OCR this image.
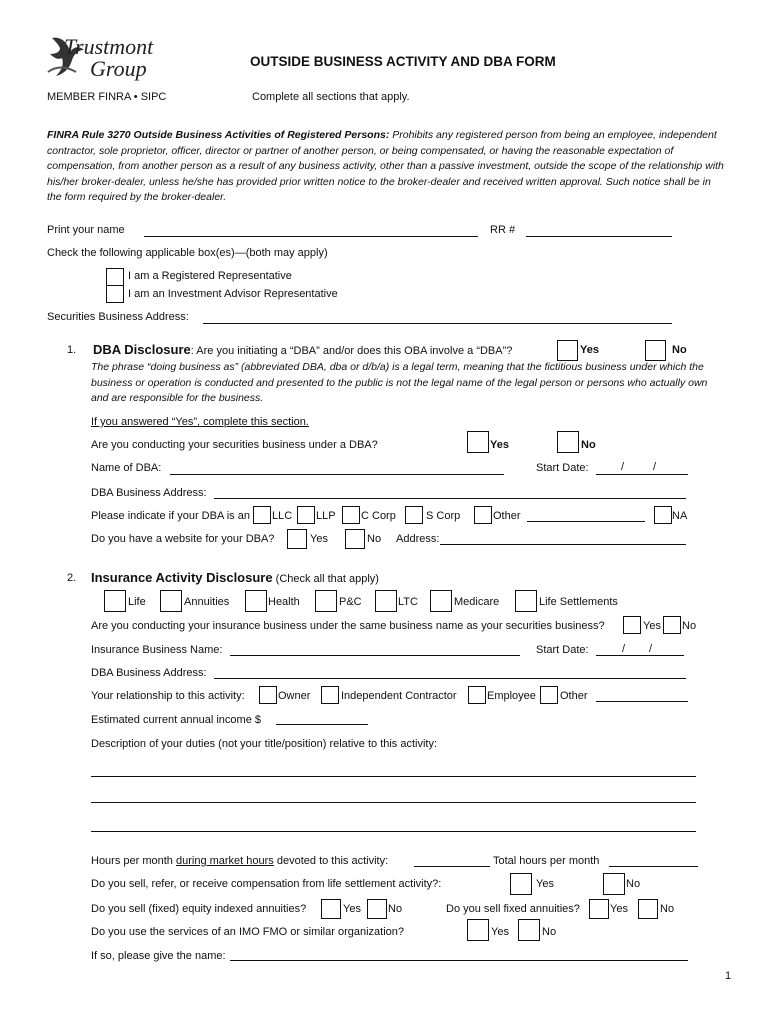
Trustmont
Group	OUTSIDE BUSINESS ACTIVITY AND DBA FORM
MEMBER FINRA • SIPC	Complete all sections that apply.
FINRA Rule 3270 Outside Business Activities of Registered Persons: Prohibits any registered person from being an employee, independent contractor, sole proprietor, officer, director or partner of another person, or being compensated, or having the reasonable expectation of compensation, from another person as a result of any business activity, other than a passive investment, outside the scope of the relationship with his/her broker-dealer, unless he/she has provided prior written notice to the broker-dealer and received written approval. Such notice shall be in the form required by the broker-dealer.
Print your name	RR #
Check the following applicable box(es)—(both may apply)
I am a Registered Representative
I am an Investment Advisor Representative
Securities Business Address:
1. DBA Disclosure: Are you initiating a “DBA” and/or does this OBA involve a “DBA”?	Yes	No
The phrase “doing business as” (abbreviated DBA, dba or d/b/a) is a legal term, meaning that the fictitious business under which the business or operation is conducted and presented to the public is not the legal name of the legal person or persons who actually own and are responsible for the business.
If you answered “Yes”, complete this section.
Are you conducting your securities business under a DBA?	Yes	No
Name of DBA:	Start Date:	/	/
DBA Business Address:
Please indicate if your DBA is an LLC LLP C Corp	S Corp	Other	NA
Do you have a website for your DBA?	Yes	No Address:
2. Insurance Activity Disclosure (Check all that apply)
Life	Annuities	Health	P&C	LTC	Medicare	Life Settlements
Are you conducting your insurance business under the same business name as your securities business?	Yes No
Insurance Business Name:	Start Date:	/ /
DBA Business Address:
Your relationship to this activity:	Owner	Independent Contractor	Employee Other
Estimated current annual income $
Description of your duties (not your title/position) relative to this activity:
Hours per month during market hours devoted to this activity:	Total hours per month
Do you sell, refer, or receive compensation from life settlement activity?:	Yes	No
Do you sell (fixed) equity indexed annuities?	Yes No	Do you sell fixed annuities?	Yes	No
Do you use the services of an IMO FMO or similar organization?	Yes	No
If so, please give the name:
1
